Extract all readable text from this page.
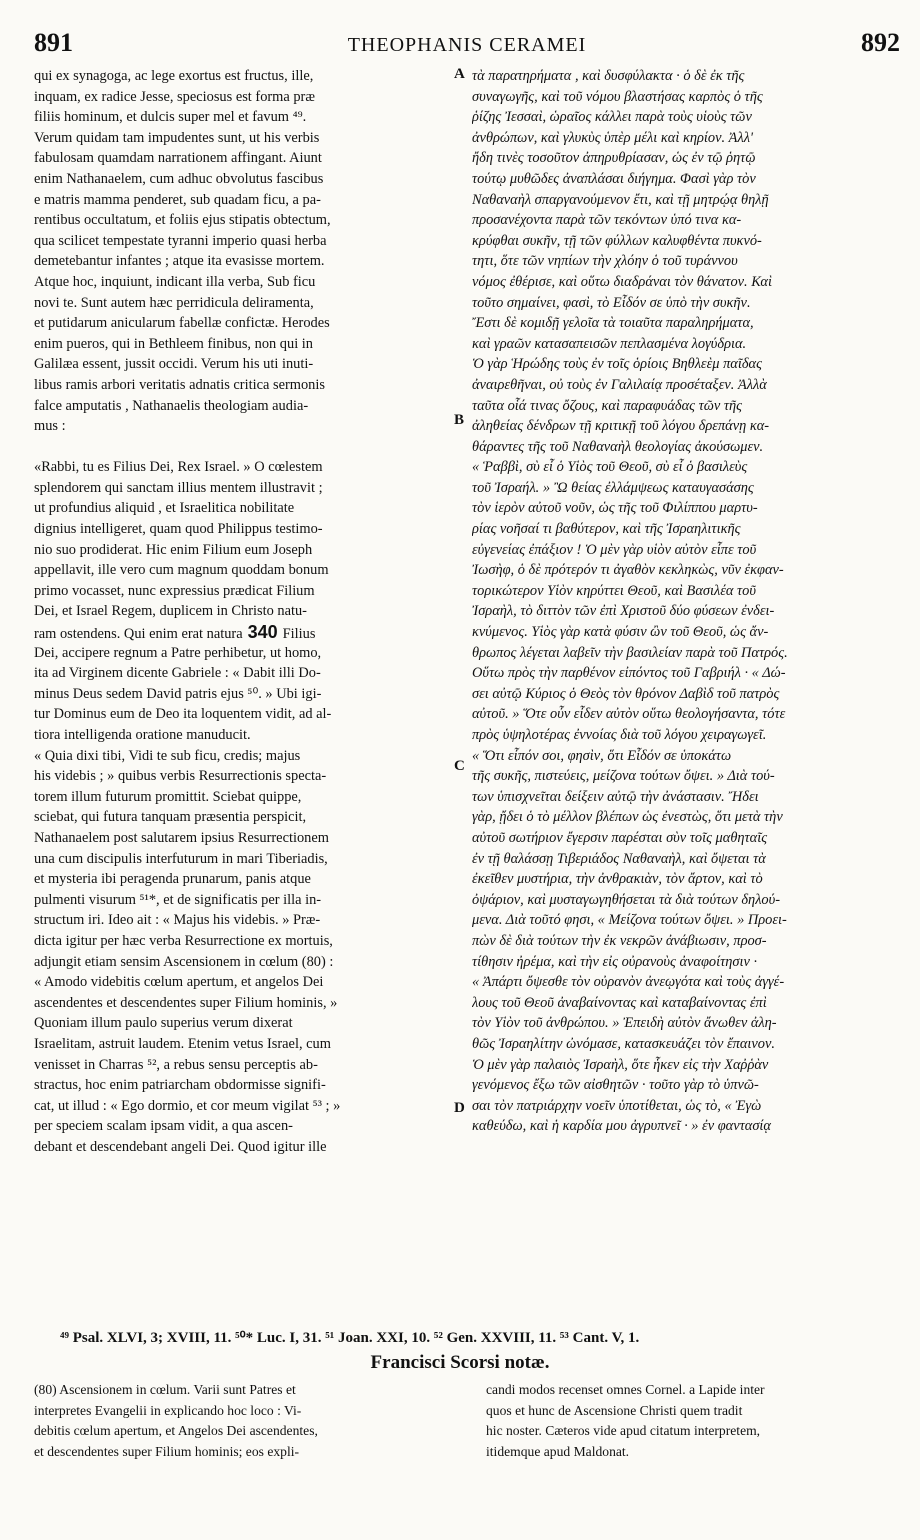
891	THEOPHANIS CERAMEI	892
qui ex synagoga, ac lege exortus est fructus, ille,
inquam, ex radice Jesse, speciosus est forma præ
filiis hominum, et dulcis super mel et favum ⁴⁹.
Verum quidam tam impudentes sunt, ut his verbis
fabulosam quamdam narrationem affingant. Aiunt
enim Nathanaelem, cum adhuc obvolutus fascibus
e matris mamma penderet, sub quadam ficu, a pa-
rentibus occultatum, et foliis ejus stipatis obtectum,
qua scilicet tempestate tyranni imperio quasi herba
demetebantur infantes ; atque ita evasisse mortem.
Atque hoc, inquiunt, indicant illa verba, Sub ficu
novi te. Sunt autem hæc perridicula deliramenta,
et putidarum anicularum fabellæ confictæ. Herodes
enim pueros, qui in Bethleem finibus, non qui in
Galilæa essent, jussit occidi. Verum his uti inuti-
libus ramis arbori veritatis adnatis critica sermonis
falce amputatis , Nathanaelis theologiam audia-
mus :
«Rabbi, tu es Filius Dei, Rex Israel. » O cœlestem
splendorem qui sanctam illius mentem illustravit ;
ut profundius aliquid , et Israelitica nobilitate
dignius intelligeret, quam quod Philippus testimo-
nio suo prodiderat. Hic enim Filium eum Joseph
appellavit, ille vero cum magnum quoddam bonum
primo vocasset, nunc expressius prædicat Filium
Dei, et Israel Regem, duplicem in Christo natu-
ram ostendens. Qui enim erat natura 340 Filius
Dei, accipere regnum a Patre perhibetur, ut homo,
ita ad Virginem dicente Gabriele : « Dabit illi Do-
minus Deus sedem David patris ejus ⁵⁰. » Ubi igi-
tur Dominus eum de Deo ita loquentem vidit, ad al-
tiora intelligenda oratione manuducit.
« Quia dixi tibi, Vidi te sub ficu, credis; majus
his videbis ; » quibus verbis Resurrectionis specta-
torem illum futurum promittit. Sciebat quippe,
sciebat, qui futura tanquam præsentia perspicit,
Nathanaelem post salutarem ipsius Resurrectionem
una cum discipulis interfuturum in mari Tiberiadis,
et mysteria ibi peragenda prunarum, panis atque
pulmenti visurum ⁵¹*, et de significatis per illa in-
structum iri. Ideo ait : « Majus his videbis. » Præ-
dicta igitur per hæc verba Resurrectione ex mortuis,
adjungit etiam sensim Ascensionem in cœlum (80) :
« Amodo videbitis cœlum apertum, et angelos Dei
ascendentes et descendentes super Filium hominis, »
Quoniam illum paulo superius verum dixerat
Israelitam, astruit laudem. Etenim vetus Israel, cum
venisset in Charras ⁵², a rebus sensu perceptis ab-
stractus, hoc enim patriarcham obdormisse signifi-
cat, ut illud : « Ego dormio, et cor meum vigilat ⁵³ ; »
per speciem scalam ipsam vidit, a qua ascen-
debant et descendebant angeli Dei. Quod igitur ille
τὰ παρατηρήματα , καὶ δυσφύλακτα · ὁ δὲ ἐκ τῆς
συναγωγῆς, καὶ τοῦ νόμου βλαστήσας καρπὸς ὁ τῆς
ῥίζης Ἰεσσαὶ, ὡραῖος κάλλει παρὰ τοὺς υἱοὺς τῶν
ἀνθρώπων, καὶ γλυκὺς ὑπὲρ μέλι καὶ κηρίον. Ἀλλ'
ἤδη τινὲς τοσοῦτον ἀπηρυθρίασαν, ὡς ἐν τῷ ῥητῷ
τούτῳ μυθῶδες ἀναπλάσαι διήγημα. Φασὶ γὰρ τὸν
Ναθαναὴλ σπαργανούμενον ἔτι, καὶ τῇ μητρῴᾳ θηλῇ
προσανέχοντα παρὰ τῶν τεκόντων ὑπό τινα κα-
κρύφθαι συκῆν, τῇ τῶν φύλλων καλυφθέντα πυκνό-
τητι, ὅτε τῶν νηπίων τὴν χλόην ὁ τοῦ τυράννου
νόμος ἐθέρισε, καὶ οὕτω διαδράναι τὸν θάνατον. Καὶ
τοῦτο σημαίνει, φασὶ, τὸ Εἶδόν σε ὑπὸ τὴν συκῆν.
Ἔστι δὲ κομιδῇ γελοῖα τὰ τοιαῦτα παραληρήματα,
καὶ γραῶν κατασαπεισῶν πεπλασμένα λογύδρια.
Ὁ γὰρ Ἡρώδης τοὺς ἐν τοῖς ὁρίοις Βηθλεὲμ παῖδας
ἀναιρεθῆναι, οὐ τοὺς ἐν Γαλιλαίᾳ προσέταξεν. Ἀλλὰ
ταῦτα οἷά τινας ὄζους, καὶ παραφυάδας τῶν τῆς
ἀληθείας δένδρων τῇ κριτικῇ τοῦ λόγου δρεπάνῃ κα-
θάραντες τῆς τοῦ Ναθαναὴλ θεολογίας ἀκούσωμεν.
« Ῥαββὶ, σὺ εἶ ὁ Υἱὸς τοῦ Θεοῦ, σὺ εἶ ὁ βασιλεὺς
τοῦ Ἰσραήλ. » Ὢ θείας ἐλλάμψεως καταυγασάσης
τὸν ἱερὸν αὐτοῦ νοῦν, ὡς τῆς τοῦ Φιλίππου μαρτυ-
ρίας νοῆσαί τι βαθύτερον, καὶ τῆς Ἰσραηλιτικῆς
εὐγενείας ἐπάξιον ! Ὁ μὲν γὰρ υἱὸν αὐτὸν εἶπε τοῦ
Ἰωσὴφ, ὁ δὲ πρότερόν τι ἀγαθὸν κεκληκὼς, νῦν ἐκφαν-
τορικώτερον Υἱὸν κηρύττει Θεοῦ, καὶ Βασιλέα τοῦ
Ἰσραὴλ, τὸ διττὸν τῶν ἐπὶ Χριστοῦ δύο φύσεων ἐνδει-
κνύμενος. Υἱὸς γὰρ κατὰ φύσιν ὢν τοῦ Θεοῦ, ὡς ἄν-
θρωπος λέγεται λαβεῖν τὴν βασιλείαν παρὰ τοῦ Πατρός.
Οὕτω πρὸς τὴν παρθένον εἰπόντος τοῦ Γαβριήλ · « Δώ-
σει αὐτῷ Κύριος ὁ Θεὸς τὸν θρόνον Δαβὶδ τοῦ πατρὸς
αὐτοῦ. » Ὅτε οὖν εἶδεν αὐτὸν οὕτω θεολογήσαντα, τότε
πρὸς ὑψηλοτέρας ἐννοίας διὰ τοῦ λόγου χειραγωγεῖ.
« Ὅτι εἶπόν σοι, φησὶν, ὅτι Εἶδόν σε ὑποκάτω
τῆς συκῆς, πιστεύεις, μείζονα τούτων ὄψει. » Διὰ τού-
των ὑπισχνεῖται δείξειν αὐτῷ τὴν ἀνάστασιν. Ἤδει
γὰρ, ᾔδει ὁ τὸ μέλλον βλέπων ὡς ἐνεστὼς, ὅτι μετὰ τὴν
αὐτοῦ σωτήριον ἔγερσιν παρέσται σὺν τοῖς μαθηταῖς
ἐν τῇ θαλάσσῃ Τιβεριάδος Ναθαναὴλ, καὶ ὄψεται τὰ
ἐκεῖθεν μυστήρια, τὴν ἀνθρακιὰν, τὸν ἄρτον, καὶ τὸ
ὀψάριον, καὶ μυσταγωγηθήσεται τὰ διὰ τούτων δηλού-
μενα. Διὰ τοῦτό φησι, « Μείζονα τούτων ὄψει. » Προει-
πὼν δὲ διὰ τούτων τὴν ἐκ νεκρῶν ἀνάβιωσιν, προσ-
τίθησιν ἠρέμα, καὶ τὴν εἰς οὐρανοὺς ἀναφοίτησιν ·
« Ἀπάρτι ὄψεσθε τὸν οὐρανὸν ἀνεῳγότα καὶ τοὺς ἀγγέ-
λους τοῦ Θεοῦ ἀναβαίνοντας καὶ καταβαίνοντας ἐπὶ
τὸν Υἱὸν τοῦ ἀνθρώπου. » Ἐπειδὴ αὐτὸν ἄνωθεν ἀλη-
θῶς Ἰσραηλίτην ὠνόμασε, κατασκευάζει τὸν ἔπαινον.
Ὁ μὲν γὰρ παλαιὸς Ἰσραὴλ, ὅτε ἧκεν εἰς τὴν Χαῤῥὰν
γενόμενος ἔξω τῶν αἰσθητῶν · τοῦτο γὰρ τὸ ὑπνῶ-
σαι τὸν πατριάρχην νοεῖν ὑποτίθεται, ὡς τὸ, « Ἐγὼ
καθεύδω, καὶ ἡ καρδία μου ἀγρυπνεῖ · » ἐν φαντασίᾳ
A
B
C
D
⁴⁹ Psal. XLVI, 3; XVIII, 11. ⁵⁰* Luc. I, 31. ⁵¹ Joan. XXI, 10. ⁵² Gen. XXVIII, 11. ⁵³ Cant. V, 1.
Francisci Scorsi notæ.
(80) Ascensionem in cœlum. Varii sunt Patres et
interpretes Evangelii in explicando hoc loco : Vi-
debitis cœlum apertum, et Angelos Dei ascendentes,
et descendentes super Filium hominis; eos expli-
candi modos recenset omnes Cornel. a Lapide inter
quos et hunc de Ascensione Christi quem tradit
hic noster. Cæteros vide apud citatum interpretem,
itidemque apud Maldonat.
